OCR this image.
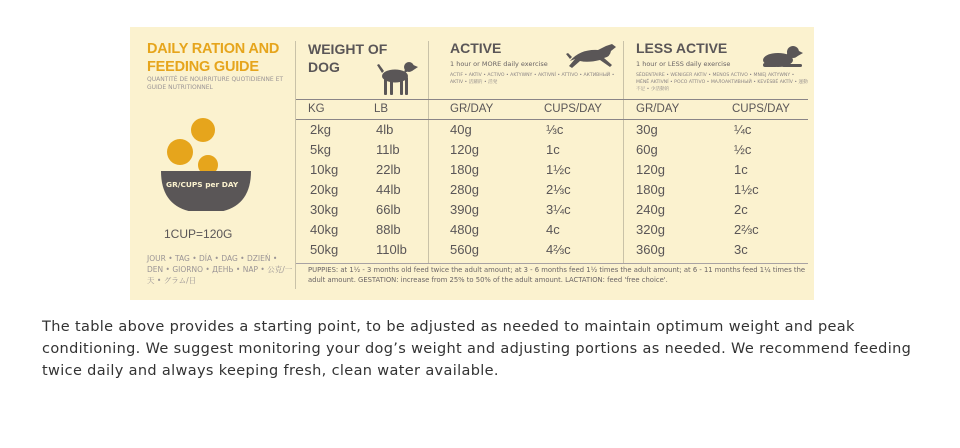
DAILY RATION AND FEEDING GUIDE
QUANTITÉ DE NOURRITURE QUOTIDIENNE ET GUIDE NUTRITIONNEL
GR/CUPS per DAY
1CUP=120G
JOUR • TAG • DÍA • DAG • DZIEŃ • DEN • GIORNO • ДЕНЬ • NAP • 公克/一天 • グラム/日
WEIGHT OF DOG
ACTIVE
1 hour or MORE daily exercise
ACTIF • AKTIV • ACTIVO • AKTYWNY • AKTIVNÍ • ATTIVO • АКТИВНЫЙ • AKTIV • 活躍的 • 活発
LESS ACTIVE
1 hour or LESS daily exercise
SÉDENTAIRE • WENIGER AKTIV • MENOS ACTIVO • MNIEJ AKTYWNY • MÉNĚ AKTIVNÍ • POCO ATTIVO • МАЛОАКТИВНЫЙ • KEVÉSBÉ AKTÍV • 運動不足 • 少活動的
KG	LB	GR/DAY	CUPS/DAY	GR/DAY	CUPS/DAY
2kg	4lb	40g	⅓c	30g	¼c
5kg	11lb	120g	1c	60g	½c
10kg	22lb	180g	1½c	120g	1c
20kg	44lb	280g	2⅓c	180g	1½c
30kg	66lb	390g	3¼c	240g	2c
40kg	88lb	480g	4c	320g	2⅔c
50kg	110lb	560g	4⅔c	360g	3c
PUPPIES: at 1½ - 3 months old feed twice the adult amount; at 3 - 6 months feed 1½ times the adult amount; at 6 - 11 months feed 1¼ times the adult amount. GESTATION: increase from 25% to 50% of the adult amount. LACTATION: feed 'free choice'.
The table above provides a starting point, to be adjusted as needed to maintain optimum weight and peak conditioning. We suggest monitoring your dog’s weight and adjusting portions as needed. We recommend feeding twice daily and always keeping fresh, clean water available.
